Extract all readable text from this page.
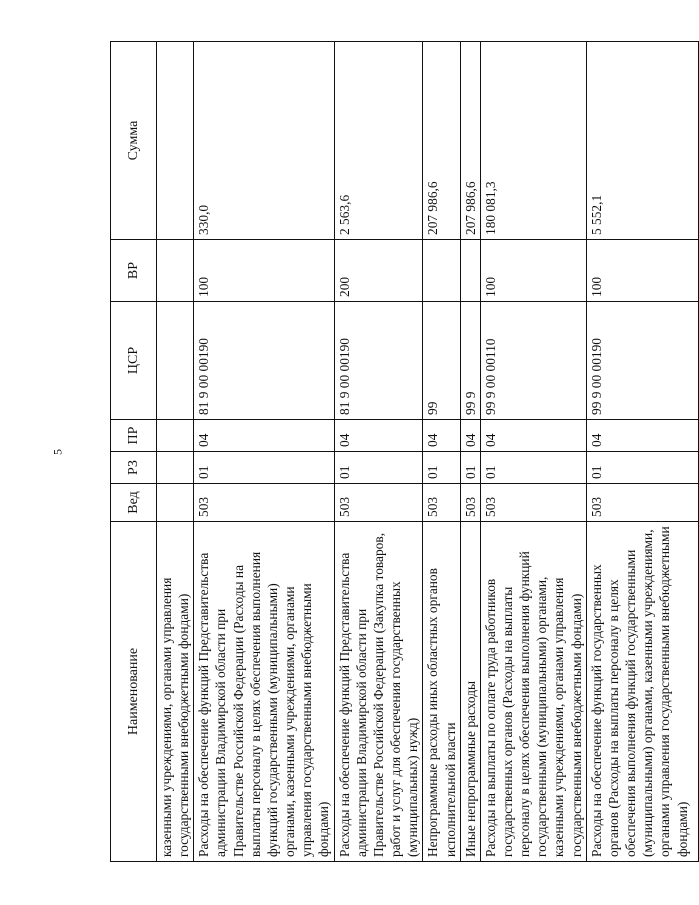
5
Наименование	Вед	РЗ	ПР	ЦСР	ВР	Сумма
казенными учреждениями, органами управления государственными внебюджетными фондами)						
Расходы на обеспечение функций Представительства администрации Владимирской области при Правительстве Российской Федерации (Расходы на выплаты персоналу в целях обеспечения выполнения функций государственными (муниципальными) органами, казенными учреждениями, органами управления государственными внебюджетными фондами)	503	01	04	81 9 00 00190	100	330,0
Расходы на обеспечение функций Представительства администрации Владимирской области при Правительстве Российской Федерации (Закупка товаров, работ и услуг для обеспечения государственных (муниципальных) нужд)	503	01	04	81 9 00 00190	200	2 563,6
Непрограммные расходы иных областных органов исполнительной власти	503	01	04	99		207 986,6
Иные непрограммные расходы	503	01	04	99 9		207 986,6
Расходы на выплаты по оплате труда работников государственных органов (Расходы на выплаты персоналу в целях обеспечения выполнения функций государственными (муниципальными) органами, казенными учреждениями, органами управления государственными внебюджетными фондами)	503	01	04	99 9 00 00110	100	180 081,3
Расходы на обеспечение функций государственных органов (Расходы на выплаты персоналу в целях обеспечения выполнения функций государственными (муниципальными) органами, казенными учреждениями, органами управления государственными внебюджетными фондами)	503	01	04	99 9 00 00190	100	5 552,1
